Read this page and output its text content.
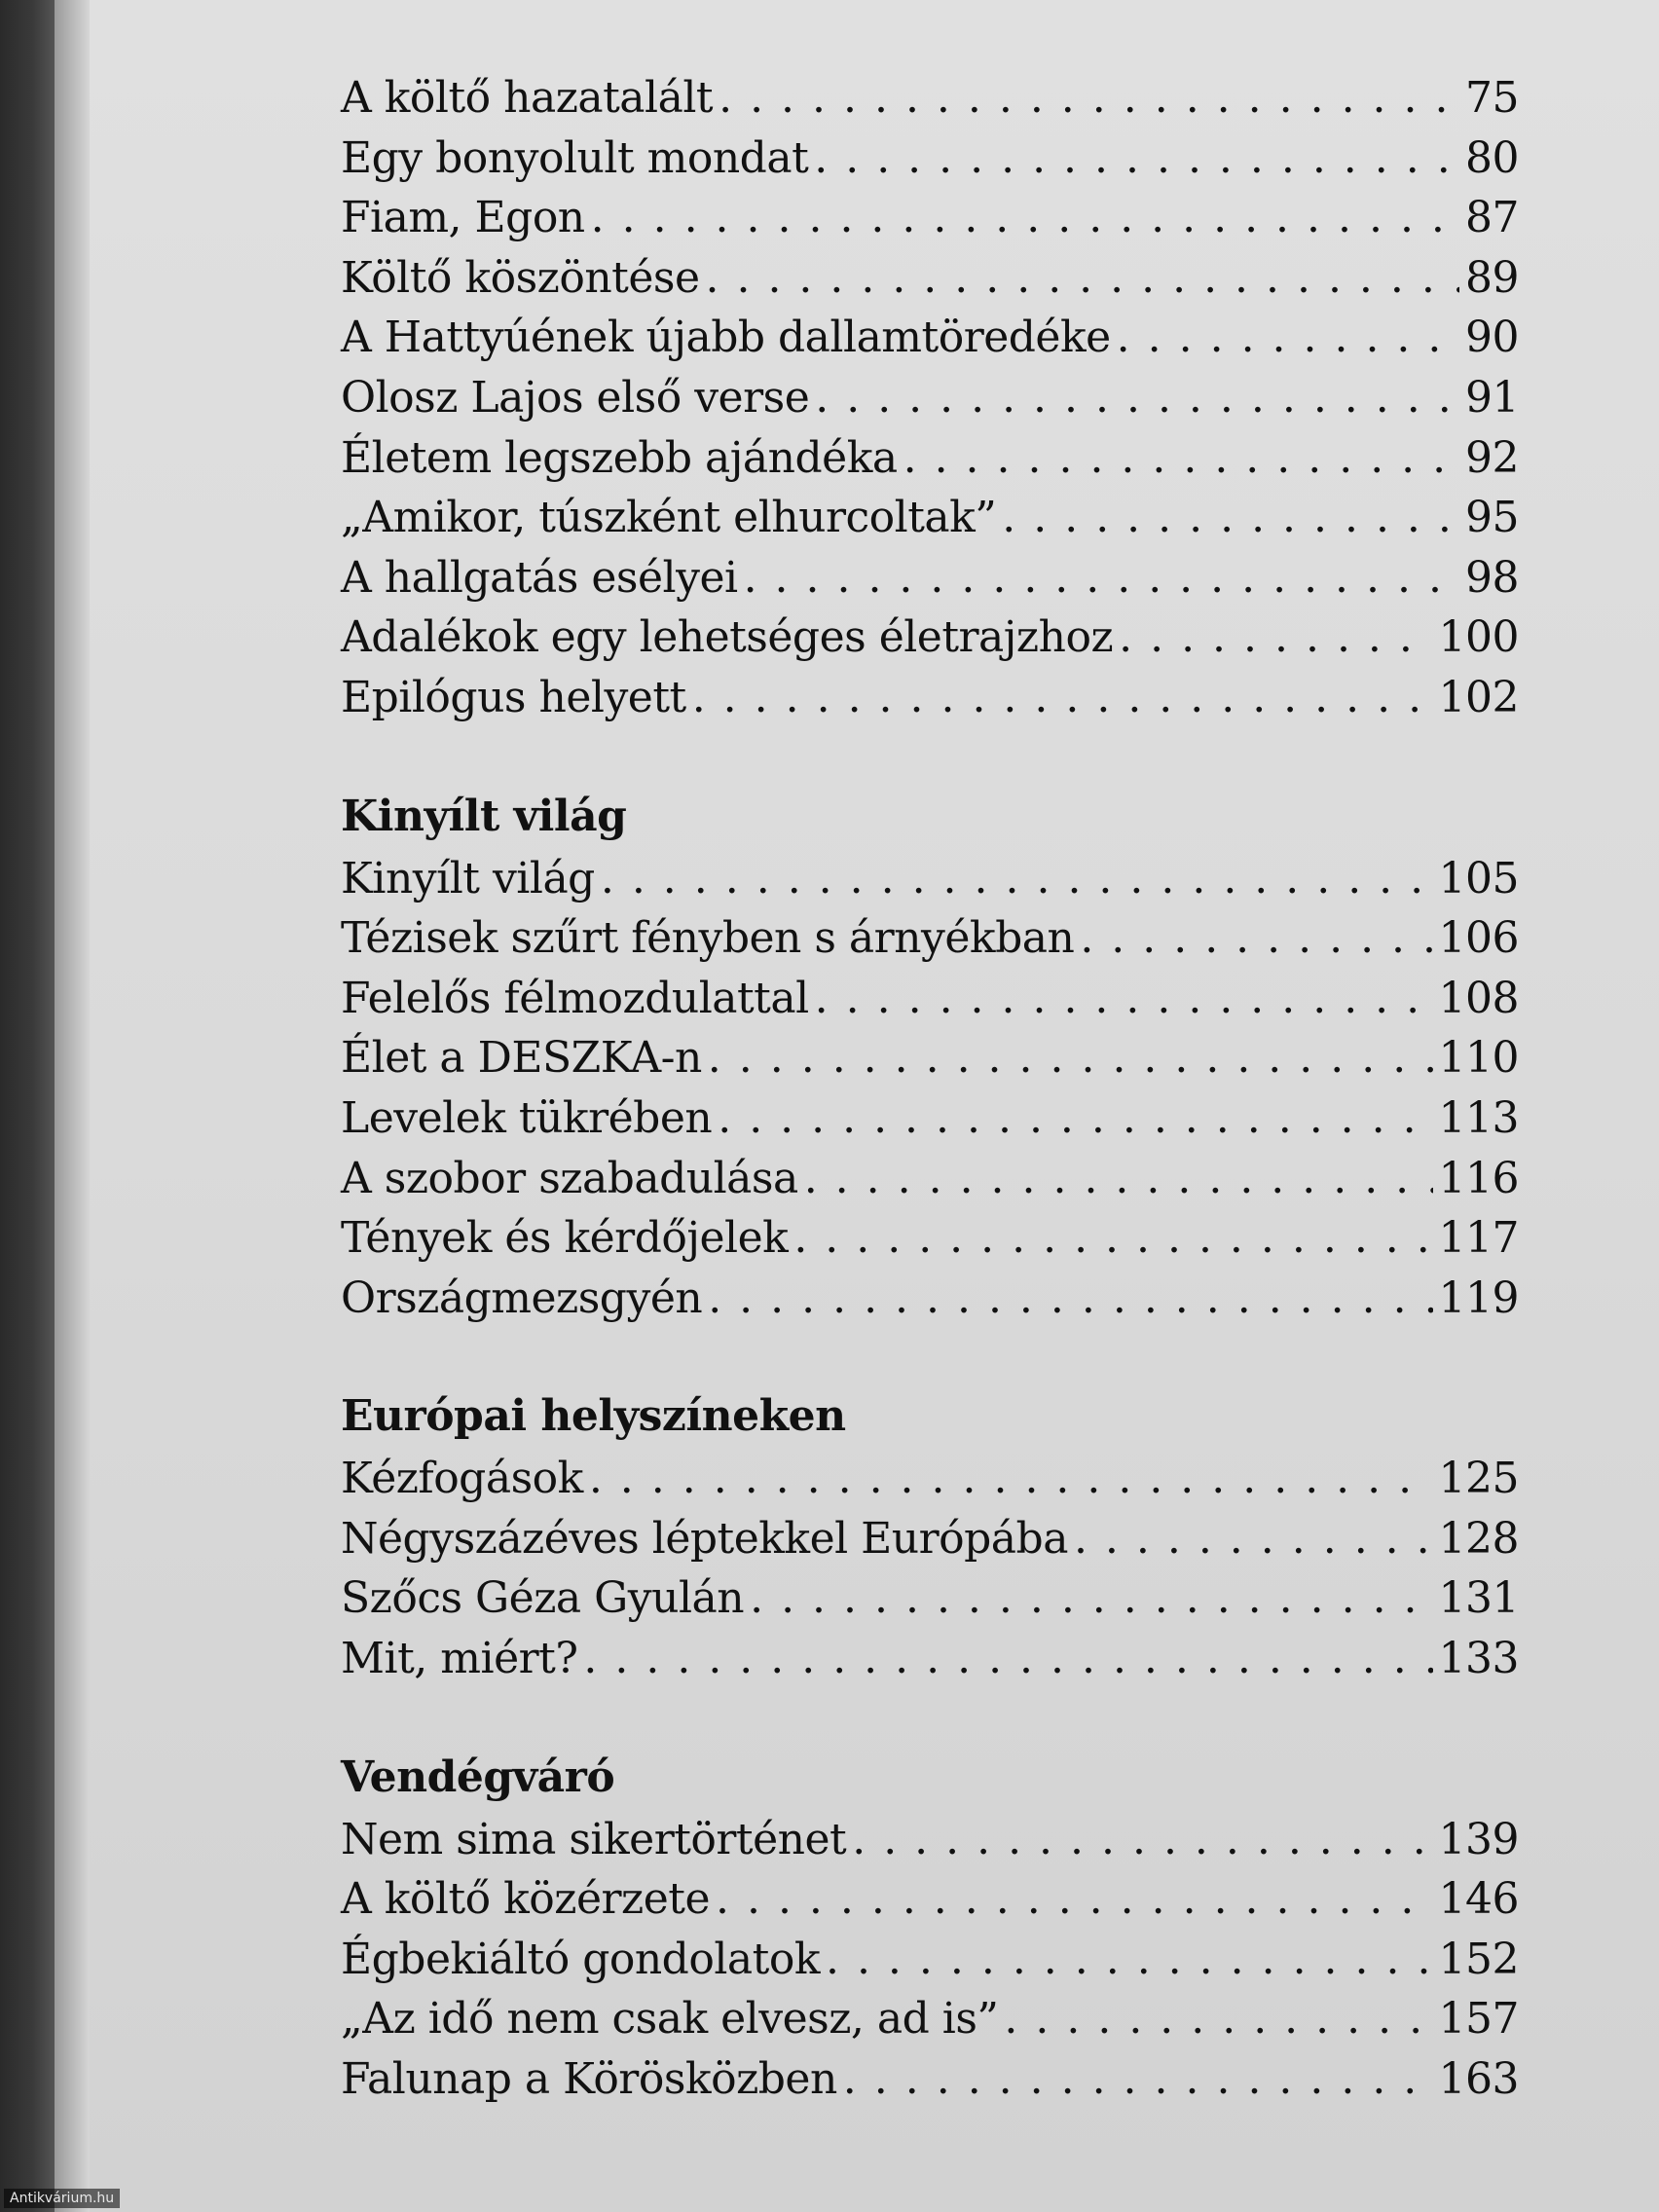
A költő hazatalált . . .	75
Egy bonyolult mondat . . .	80
Fiam, Egon . . .	87
Költő köszöntése . . .	89
A Hattyúének újabb dallamtöredéke . . .	90
Olosz Lajos első verse . . .	91
Életem legszebb ajándéka . . .	92
„Amikor, túszként elhurcoltak” . . .	95
A hallgatás esélyei . . .	98
Adalékok egy lehetséges életrajzhoz . . .	100
Epilógus helyett . . .	102
Kinyílt világ
Kinyílt világ . . .	105
Tézisek szűrt fényben s árnyékban . . .	106
Felelős félmozdulattal . . .	108
Élet a DESZKA-n . . .	110
Levelek tükrében . . .	113
A szobor szabadulása . . .	116
Tények és kérdőjelek . . .	117
Országmezsgyén . . .	119
Európai helyszíneken
Kézfogások . . .	125
Négyszázéves léptekkel Európába . . .	128
Szőcs Géza Gyulán . . .	131
Mit, miért? . . .	133
Vendégváró
Nem sima sikertörténet . . .	139
A költő közérzete . . .	146
Égbekiáltó gondolatok . . .	152
„Az idő nem csak elvesz, ad is” . . .	157
Falunap a Körösközben . . .	163
Antikvárium.hu
